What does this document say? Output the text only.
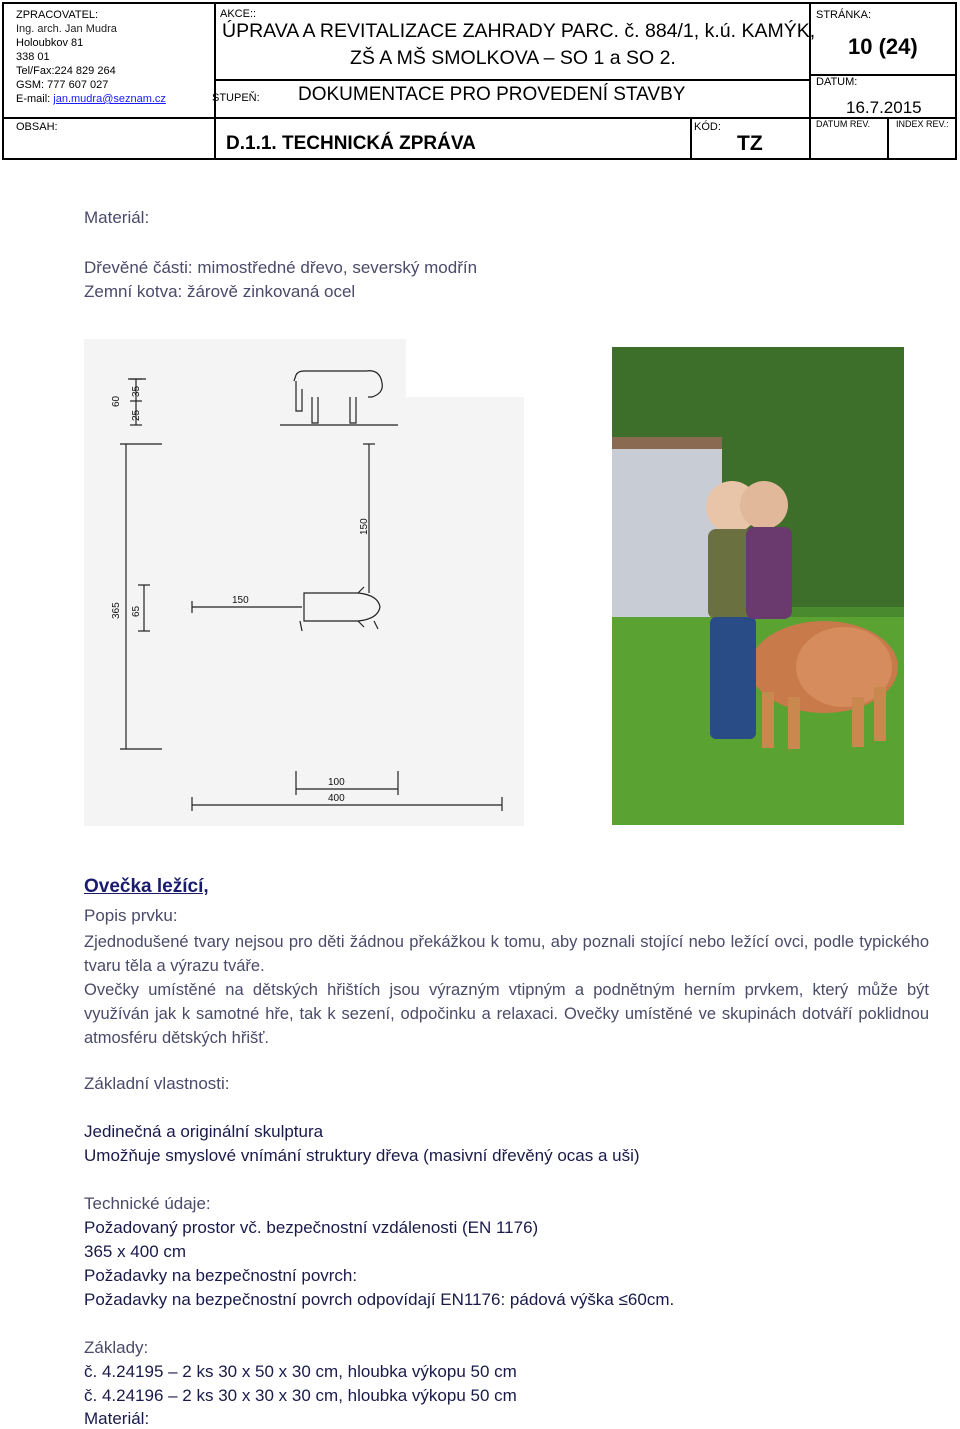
ZPRACOVATEL:
Ing. arch. Jan Mudra
Holoubkov 81
338 01
Tel/Fax:224 829 264
GSM: 777 607 027
E-mail: jan.mudra@seznam.cz
OBSAH:
AKCE::
ÚPRAVA A REVITALIZACE ZAHRADY PARC. č. 884/1, k.ú. KAMÝK,
ZŠ A MŠ SMOLKOVA – SO 1 a SO 2.
STUPEŇ: DOKUMENTACE PRO PROVEDENÍ STAVBY
D.1.1. TECHNICKÁ ZPRÁVA
KÓD:
TZ
STRÁNKA:
10 (24)
DATUM:
16.7.2015
DATUM REV.	INDEX REV.:
Materiál:
Dřevěné části: mimostředné dřevo, severský modřín
Zemní kotva: žárově zinkovaná ocel
60
35
25
150
365 65
150
100
400
Ovečka ležící,
Popis prvku:
Zjednodušené tvary nejsou pro děti žádnou překážkou k tomu, aby poznali stojící nebo ležící ovci, podle typického tvaru těla a výrazu tváře.
Ovečky umístěné na dětských hřištích jsou výrazným vtipným a podnětným herním prvkem, který může být využíván jak k samotné hře, tak k sezení, odpočinku a relaxaci. Ovečky umístěné ve skupinách dotváří poklidnou atmosféru dětských hřišť.
Základní vlastnosti:
Jedinečná a originální skulptura
Umožňuje smyslové vnímání struktury dřeva (masivní dřevěný ocas a uši)
Technické údaje:
Požadovaný prostor vč. bezpečnostní vzdálenosti (EN 1176)
365 x 400 cm
Požadavky na bezpečnostní povrch:
Požadavky na bezpečnostní povrch odpovídají EN1176: pádová výška ≤60cm.
Základy:
č. 4.24195 – 2 ks 30 x 50 x 30 cm, hloubka výkopu 50 cm
č. 4.24196 – 2 ks 30 x 30 x 30 cm, hloubka výkopu 50 cm
Materiál:
